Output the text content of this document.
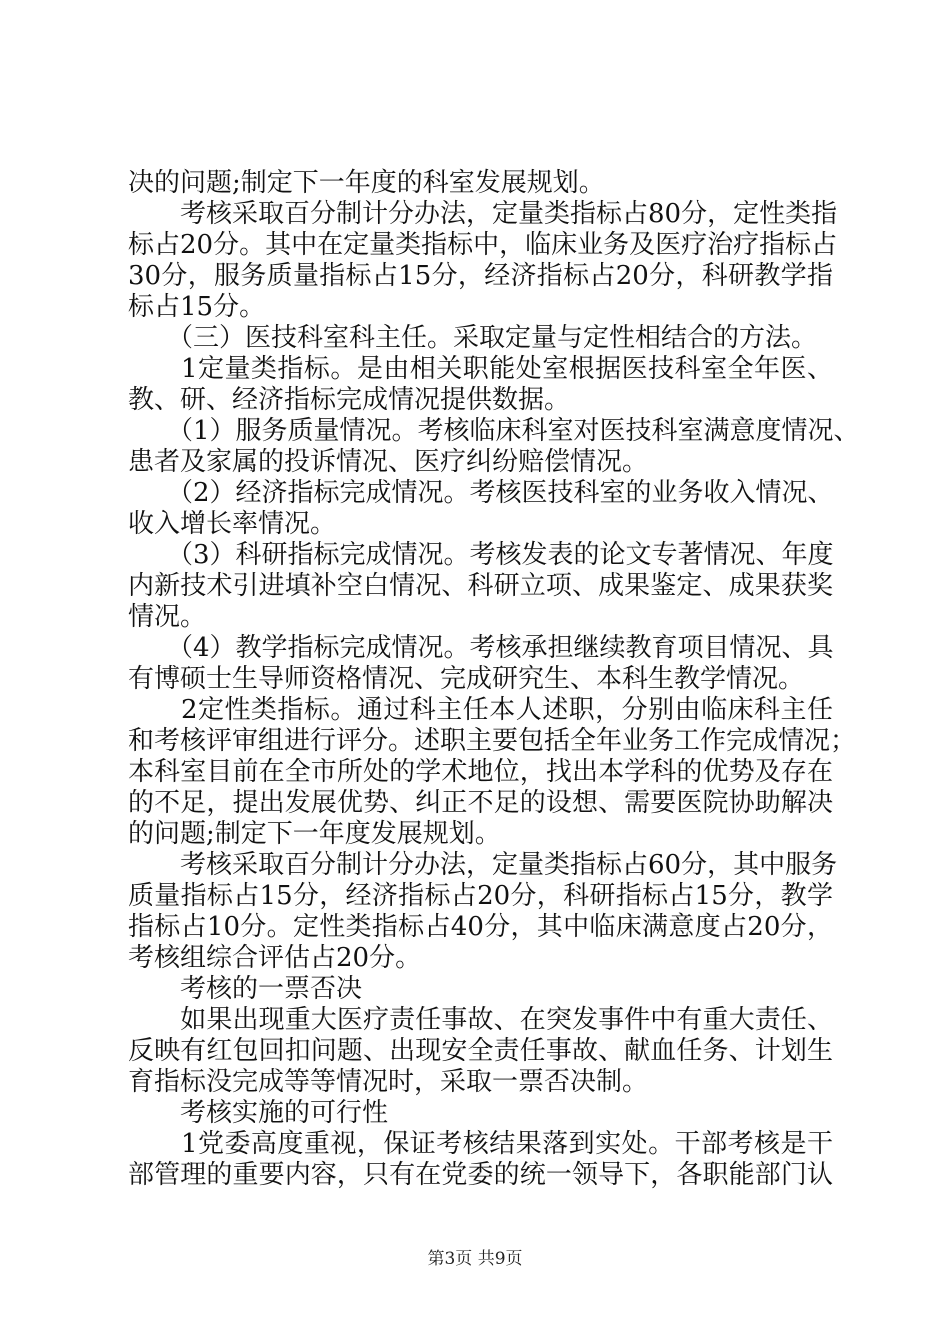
决的问题;制定下一年度的科室发展规划。
　　考核采取百分制计分办法，定量类指标占80分，定性类指
标占20分。其中在定量类指标中，临床业务及医疗治疗指标占
30分，服务质量指标占15分，经济指标占20分，科研教学指
标占15分。
　　（三）医技科室科主任。采取定量与定性相结合的方法。
　　1定量类指标。是由相关职能处室根据医技科室全年医、
教、研、经济指标完成情况提供数据。
　　（1）服务质量情况。考核临床科室对医技科室满意度情况、
患者及家属的投诉情况、医疗纠纷赔偿情况。
　　（2）经济指标完成情况。考核医技科室的业务收入情况、
收入增长率情况。
　　（3）科研指标完成情况。考核发表的论文专著情况、年度
内新技术引进填补空白情况、科研立项、成果鉴定、成果获奖
情况。
　　（4）教学指标完成情况。考核承担继续教育项目情况、具
有博硕士生导师资格情况、完成研究生、本科生教学情况。
　　2定性类指标。通过科主任本人述职，分别由临床科主任
和考核评审组进行评分。述职主要包括全年业务工作完成情况；
本科室目前在全市所处的学术地位，找出本学科的优势及存在
的不足，提出发展优势、纠正不足的设想、需要医院协助解决
的问题;制定下一年度发展规划。
　　考核采取百分制计分办法，定量类指标占60分，其中服务
质量指标占15分，经济指标占20分，科研指标占15分，教学
指标占10分。定性类指标占40分，其中临床满意度占20分，
考核组综合评估占20分。
　　考核的一票否决
　　如果出现重大医疗责任事故、在突发事件中有重大责任、
反映有红包回扣问题、出现安全责任事故、献血任务、计划生
育指标没完成等等情况时，采取一票否决制。
　　考核实施的可行性
　　1党委高度重视，保证考核结果落到实处。干部考核是干
部管理的重要内容，只有在党委的统一领导下，各职能部门认
第3页 共9页
